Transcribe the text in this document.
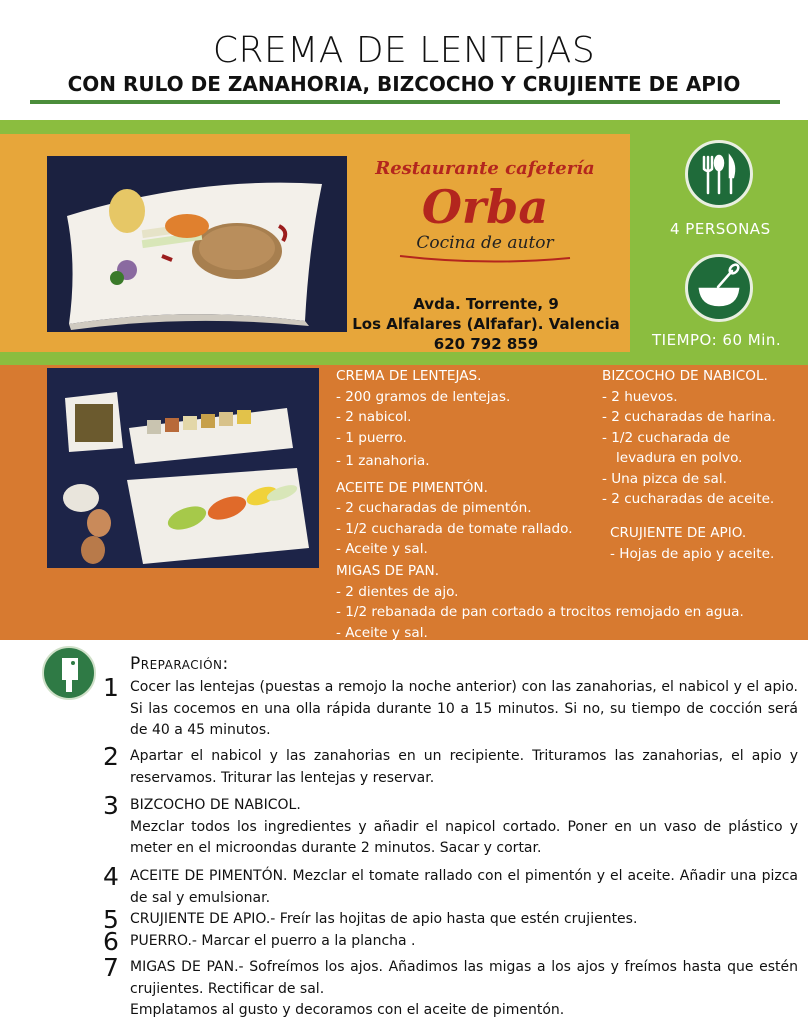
CREMA DE LENTEJAS
CON RULO DE ZANAHORIA, BIZCOCHO Y CRUJIENTE DE APIO
Restaurante cafetería
Orba
Cocina de autor
Avda. Torrente, 9
Los Alfalares (Alfafar). Valencia
620 792 859
4 PERSONAS
TIEMPO: 60 Min.
CREMA DE LENTEJAS.
- 200 gramos de lentejas.
- 2 nabicol.
- 1 puerro.
- 1 zanahoria.
ACEITE DE PIMENTÓN.
- 2 cucharadas de pimentón.
- 1/2 cucharada de tomate rallado.
- Aceite y sal.
MIGAS DE PAN.
- 2 dientes de ajo.
- 1/2 rebanada de pan cortado a trocitos remojado en agua.
- Aceite y sal.
BIZCOCHO DE NABICOL.
- 2 huevos.
- 2 cucharadas de harina.
- 1/2 cucharada de
levadura en polvo.
- Una pizca de sal.
- 2 cucharadas de aceite.
CRUJIENTE DE APIO.
- Hojas de apio y aceite.
Preparación:
1 Cocer las lentejas (puestas a remojo la noche anterior) con las zanahorias, el nabicol y el apio. Si las cocemos en una olla rápida durante 10 a 15 minutos. Si no, su tiempo de cocción será de 40 a 45 minutos.
2 Apartar el nabicol y las zanahorias en un recipiente. Trituramos las zanahorias, el apio y reservamos. Triturar las lentejas y reservar.
3 BIZCOCHO DE NABICOL.
Mezclar todos los ingredientes y añadir el napicol cortado. Poner en un vaso de plástico y meter en el microondas durante 2 minutos. Sacar y cortar.
4 ACEITE DE PIMENTÓN. Mezclar el tomate rallado con el pimentón y el aceite. Añadir una pizca de sal y emulsionar.
5 CRUJIENTE DE APIO.- Freír las hojitas de apio hasta que estén crujientes.
6 PUERRO.- Marcar el puerro a la plancha .
7 MIGAS DE PAN.- Sofreímos los ajos. Añadimos las migas a los ajos y freímos hasta que estén crujientes. Rectificar de sal.
Emplatamos al gusto y decoramos con el aceite de pimentón.
